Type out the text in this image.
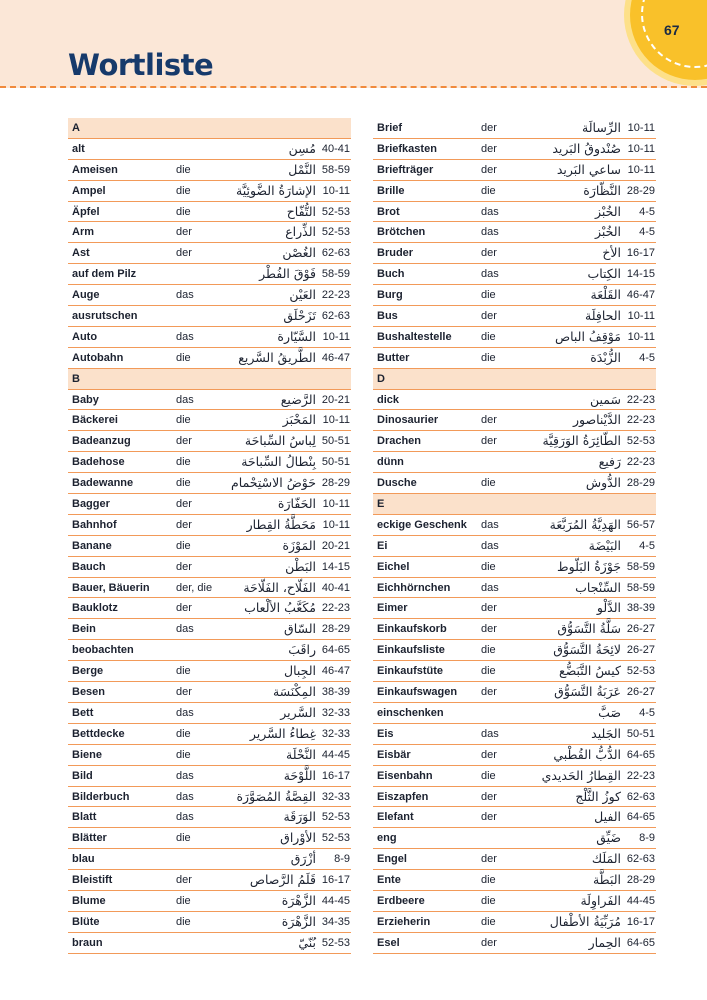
67
Wortliste
A
alt	مُسِن 40-41
Ameisen	die	النَّمْل 58-59
Ampel	die	الإشارَةُ الضَّوئِيَّة 10-11
Äpfel	die	التُّفّاح 52-53
Arm	der	الذِّراع 52-53
Ast	der	الغُصْن 62-63
auf dem Pilz	فَوْقَ الفُطْر 58-59
Auge	das	العَيْن 22-23
ausrutschen	تَزَحْلَق 62-63
Auto	das	السَّيّارة 10-11
Autobahn	die	الطَّريقُ السَّريع 46-47
B
Baby	das	الرَّضيع 20-21
Bäckerei	die	المَخْبَز 10-11
Badeanzug	der	لِباسُ السِّباحَة 50-51
Badehose	die	بِنْطالُ السِّباحَة 50-51
Badewanne	die	حَوْضُ الاسْتِحْمام 28-29
Bagger	der	الحَفّارَة 10-11
Bahnhof	der	مَحَطَّةُ القِطار 10-11
Banane	die	المَوْزَة 20-21
Bauch	der	البَطْن 14-15
Bauer, Bäuerin der, die	الفَلّاح، الفَلّاحَة 40-41
Bauklotz	der	مُكَعَّبُ الألْعاب 22-23
Bein	das	السّاق 28-29
beobachten	راقَبَ 64-65
Berge	die	الجِبال 46-47
Besen	der	المِكْنَسَة 38-39
Bett	das	السَّرير 32-33
Bettdecke	die	غِطاءُ السَّرير 32-33
Biene	die	النَّحْلَة 44-45
Bild	das	اللَّوْحَة 16-17
Bilderbuch	das	القِصَّةُ المُصَوَّرَة 32-33
Blatt	das	الوَرَقَة 52-53
Blätter	die	الأوْراق 52-53
blau	أزْرَق 8-9
Bleistift	der	قَلَمُ الرَّصاص 16-17
Blume	die	الزَّهْرَة 44-45
Blüte	die	الزَّهْرَة 34-35
braun	بُنّيّ 52-53
Brief	der	الرِّسالَة 10-11
Briefkasten	der	صُنْدوقُ البَريد 10-11
Briefträger	der	ساعي البَريد 10-11
Brille	die	النَّظّارَة 28-29
Brot	das	الخُبْز 4-5
Brötchen	das	الخُبْز 4-5
Bruder	der	الأخ 16-17
Buch	das	الكِتاب 14-15
Burg	die	القَلْعَة 46-47
Bus	der	الحافِلَة 10-11
Bushaltestelle	die	مَوْقِفُ الباص 10-11
Butter	die	الزُّبْدَة 4-5
D
dick	سَمين 22-23
Dinosaurier	der	الدَّيْناصور 22-23
Drachen	der	الطّائِرَةُ الوَرَقِيَّة 52-53
dünn	رَفيع 22-23
Dusche	die	الدُّوش 28-29
E
eckige Geschenk das	الهَدِيَّةُ المُرَبَّعَة 56-57
Ei	das	البَيْضَة 4-5
Eichel	die	جَوْزَةُ البَلّوط 58-59
Eichhörnchen	das	السِّنْجاب 58-59
Eimer	der	الدَّلْو 38-39
Einkaufskorb	der	سَلَّةُ التَّسَوُّق 26-27
Einkaufsliste	die	لائِحَةُ التَّسَوُّق 26-27
Einkaufstüte	die	كيسُ التَّبَضُّع 52-53
Einkaufswagen der	عَرَبَةُ التَّسَوُّق 26-27
einschenken	صَبَّ 4-5
Eis	das	الجَليد 50-51
Eisbär	der	الدُّبُّ القُطْبي 64-65
Eisenbahn	die	القِطارُ الحَديدي 22-23
Eiszapfen	der	كوزُ الثَّلْج 62-63
Elefant	der	الفيل 64-65
eng	ضَيِّق 8-9
Engel	der	المَلَك 62-63
Ente	die	البَطَّة 28-29
Erdbeere	die	الفَراوِلَة 44-45
Erzieherin	die	مُرَبِّيَةُ الأطْفال 16-17
Esel	der	الحِمار 64-65
